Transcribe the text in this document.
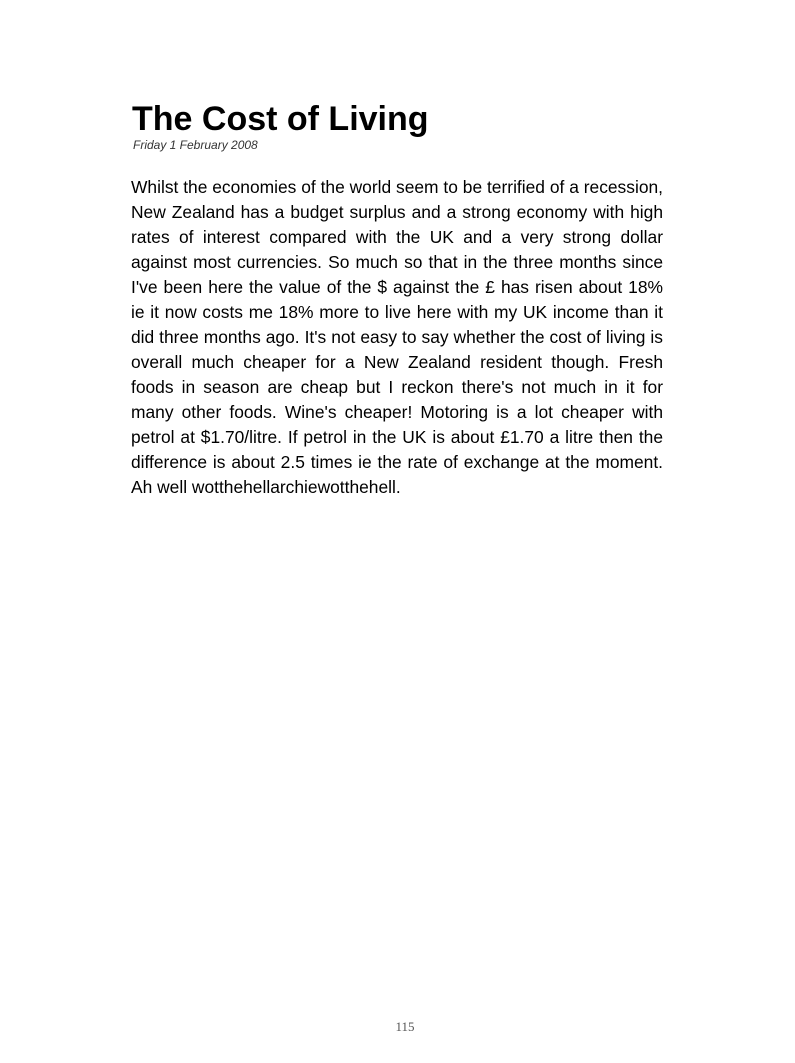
The Cost of Living

Friday 1 February 2008

Whilst the economies of the world seem to be terrified of a recession, New Zealand has a budget surplus and a strong economy with high rates of interest compared with the UK and a very strong dollar against most currencies. So much so that in the three months since I've been here the value of the $ against the £ has risen about 18% ie it now costs me 18% more to live here with my UK income than it did three months ago. It's not easy to say whether the cost of living is overall much cheaper for a New Zealand resident though. Fresh foods in season are cheap but I reckon there's not much in it for many other foods. Wine's cheaper! Motoring is a lot cheaper with petrol at $1.70/litre. If petrol in the UK is about £1.70 a litre then the difference is about 2.5 times ie the rate of exchange at the moment. Ah well wotthehellarchiewotthehell.

115
